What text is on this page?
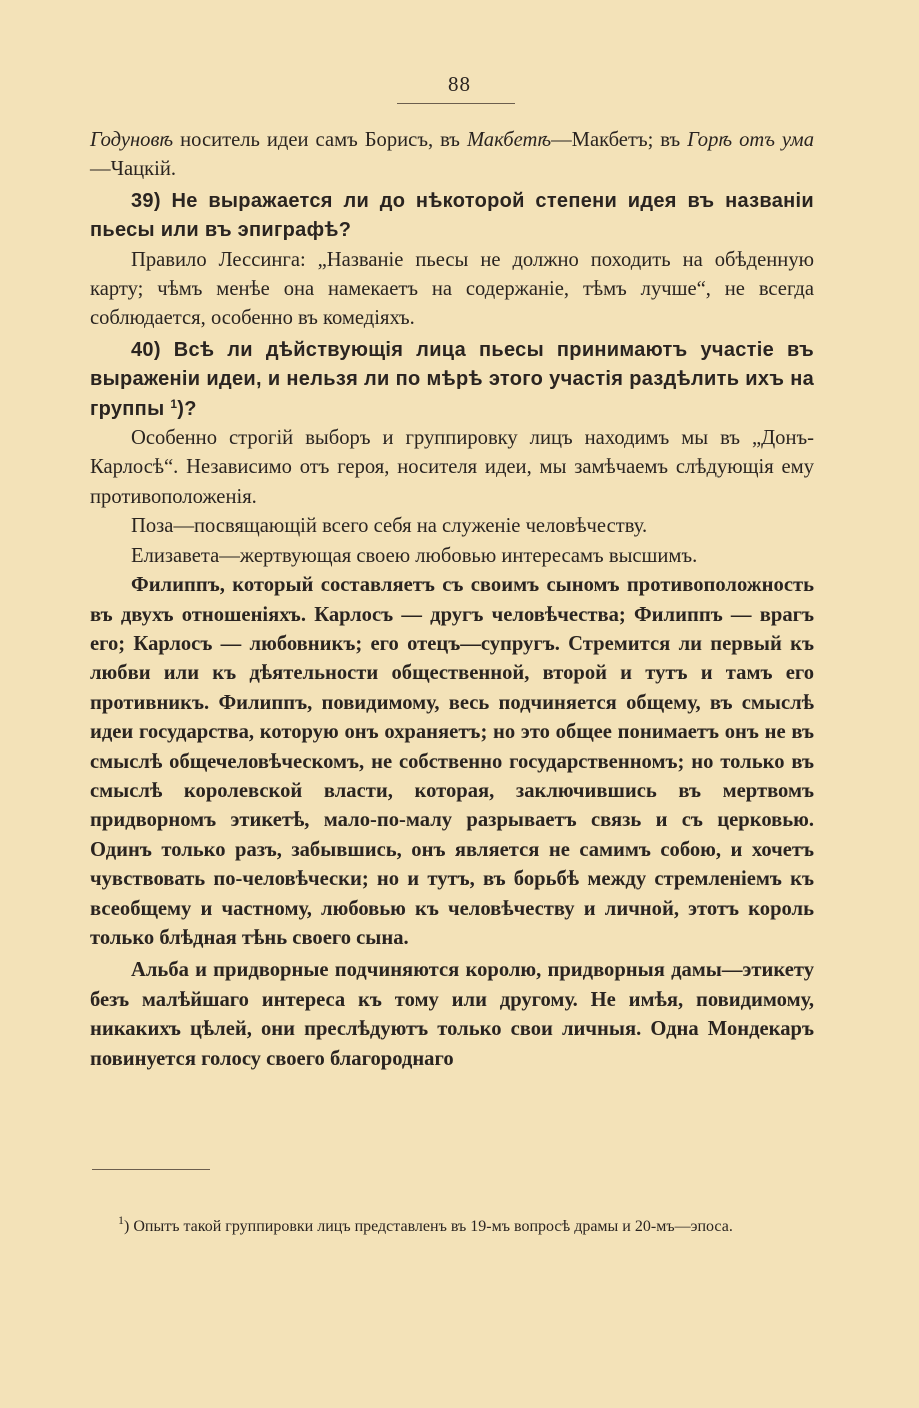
88

Годуновѣ носитель идеи самъ Борисъ, въ Макбетѣ—Макбетъ; въ Горѣ отъ ума—Чацкій.

39) Не выражается ли до нѣкоторой степени идея въ названіи пьесы или въ эпиграфѣ?

Правило Лессинга: „Названіе пьесы не должно походить на обѣденную карту; чѣмъ менѣе она намекаетъ на содержаніе, тѣмъ лучше“, не всегда соблюдается, особенно въ комедіяхъ.

40) Всѣ ли дѣйствующія лица пьесы принимаютъ участіе въ выраженіи идеи, и нельзя ли по мѣрѣ этого участія раздѣлить ихъ на группы $^1$)?

Особенно строгій выборъ и группировку лицъ находимъ мы въ „Донъ-Карлосѣ“. Независимо отъ героя, носителя идеи, мы замѣчаемъ слѣдующія ему противоположенія.

Поза—посвящающій всего себя на служеніе человѣчеству.

Елизавета—жертвующая своею любовью интересамъ высшимъ.

Филиппъ, который составляетъ съ своимъ сыномъ противоположность въ двухъ отношеніяхъ. Карлосъ — другъ человѣчества; Филиппъ — врагъ его; Карлосъ — любовникъ; его отецъ—супругъ. Стремится ли первый къ любви или къ дѣятельности общественной, второй и тутъ и тамъ его противникъ. Филиппъ, повидимому, весь подчиняется общему, въ смыслѣ идеи государства, которую онъ охраняетъ; но это общее понимаетъ онъ не въ смыслѣ общечеловѣческомъ, не собственно государственномъ; но только въ смыслѣ королевской власти, которая, заключившись въ мертвомъ придворномъ этикетѣ, мало-по-малу разрываетъ связь и съ церковью. Одинъ только разъ, забывшись, онъ является не самимъ собою, и хочетъ чувствовать по-человѣчески; но и тутъ, въ борьбѣ между стремленіемъ къ всеобщему и частному, любовью къ человѣчеству и личной, этотъ король только блѣдная тѣнь своего сына.

Альба и придворные подчиняются королю, придворныя дамы—этикету безъ малѣйшаго интереса къ тому или другому. Не имѣя, повидимому, никакихъ цѣлей, они преслѣдуютъ только свои личныя. Одна Мондекаръ повинуется голосу своего благороднаго

$^1$) Опытъ такой группировки лицъ представленъ въ 19-мъ вопросѣ драмы и 20-мъ—эпоса.
